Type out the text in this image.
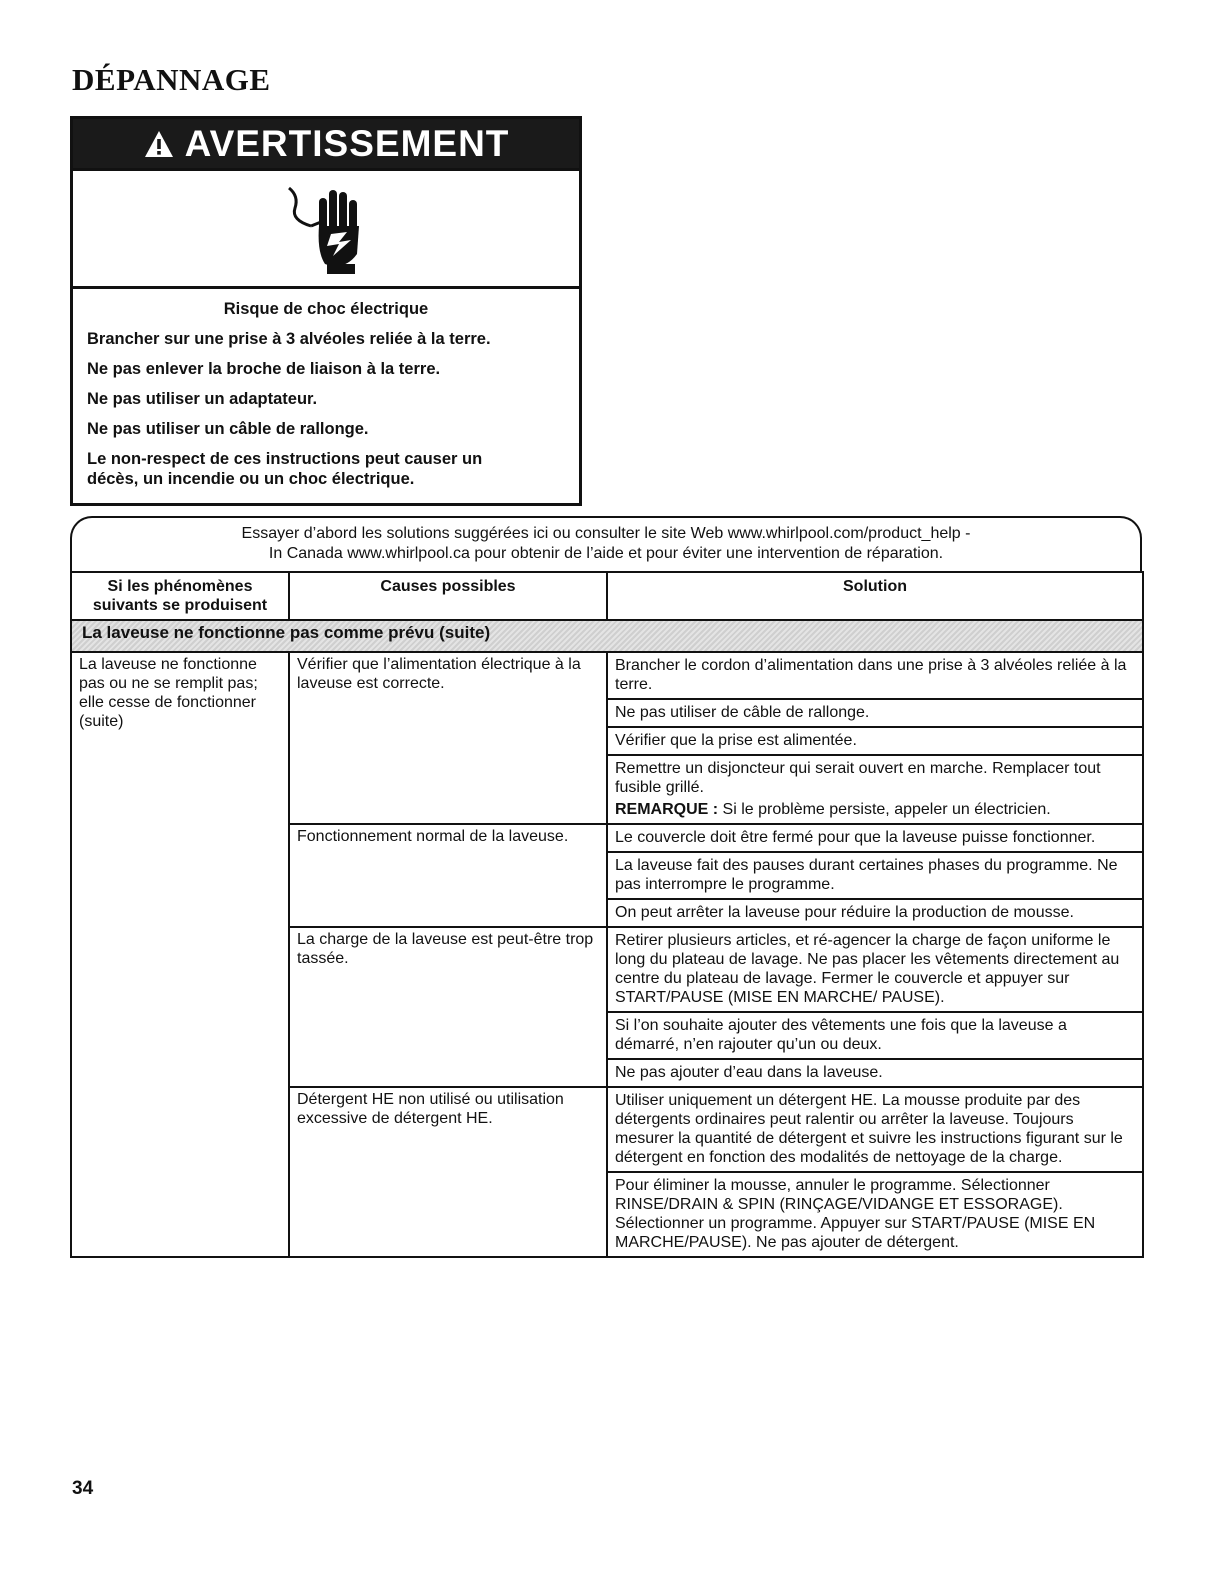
DÉPANNAGE
AVERTISSEMENT

Risque de choc électrique

Brancher sur une prise à 3 alvéoles reliée à la terre.

Ne pas enlever la broche de liaison à la terre.

Ne pas utiliser un adaptateur.

Ne pas utiliser un câble de rallonge.

Le non-respect de ces instructions peut causer un décès, un incendie ou un choc électrique.

Essayer d’abord les solutions suggérées ici ou consulter le site Web www.whirlpool.com/product_help -
In Canada www.whirlpool.ca pour obtenir de l’aide et pour éviter une intervention de réparation.
Si les phénomènes suivants se produisent	Causes possibles	Solution
La laveuse ne fonctionne pas comme prévu (suite)		
La laveuse ne fonctionne pas ou ne se remplit pas; elle cesse de fonctionner (suite)	Vérifier que l’alimentation électrique à la laveuse est correcte.	Brancher le cordon d’alimentation dans une prise à 3 alvéoles reliée à la terre.
Ne pas utiliser de câble de rallonge.
Vérifier que la prise est alimentée.
Remettre un disjoncteur qui serait ouvert en marche. Remplacer tout fusible grillé.
REMARQUE : Si le problème persiste, appeler un électricien.

	Fonctionnement normal de la laveuse.	Le couvercle doit être fermé pour que la laveuse puisse fonctionner.
La laveuse fait des pauses durant certaines phases du programme. Ne pas interrompre le programme.
On peut arrêter la laveuse pour réduire la production de mousse.

	La charge de la laveuse est peut-être trop tassée.	Retirer plusieurs articles, et ré-agencer la charge de façon uniforme le long du plateau de lavage. Ne pas placer les vêtements directement au centre du plateau de lavage. Fermer le couvercle et appuyer sur START/PAUSE (MISE EN MARCHE/ PAUSE).
Si l’on souhaite ajouter des vêtements une fois que la laveuse a démarré, n’en rajouter qu’un ou deux.
Ne pas ajouter d’eau dans la laveuse.

	Détergent HE non utilisé ou utilisation excessive de détergent HE.	Utiliser uniquement un détergent HE. La mousse produite par des détergents ordinaires peut ralentir ou arrêter la laveuse. Toujours mesurer la quantité de détergent et suivre les instructions figurant sur le détergent en fonction des modalités de nettoyage de la charge.
Pour éliminer la mousse, annuler le programme. Sélectionner RINSE/DRAIN & SPIN (RINÇAGE/VIDANGE ET ESSORAGE). Sélectionner un programme. Appuyer sur START/PAUSE (MISE EN MARCHE/PAUSE). Ne pas ajouter de détergent.
34
